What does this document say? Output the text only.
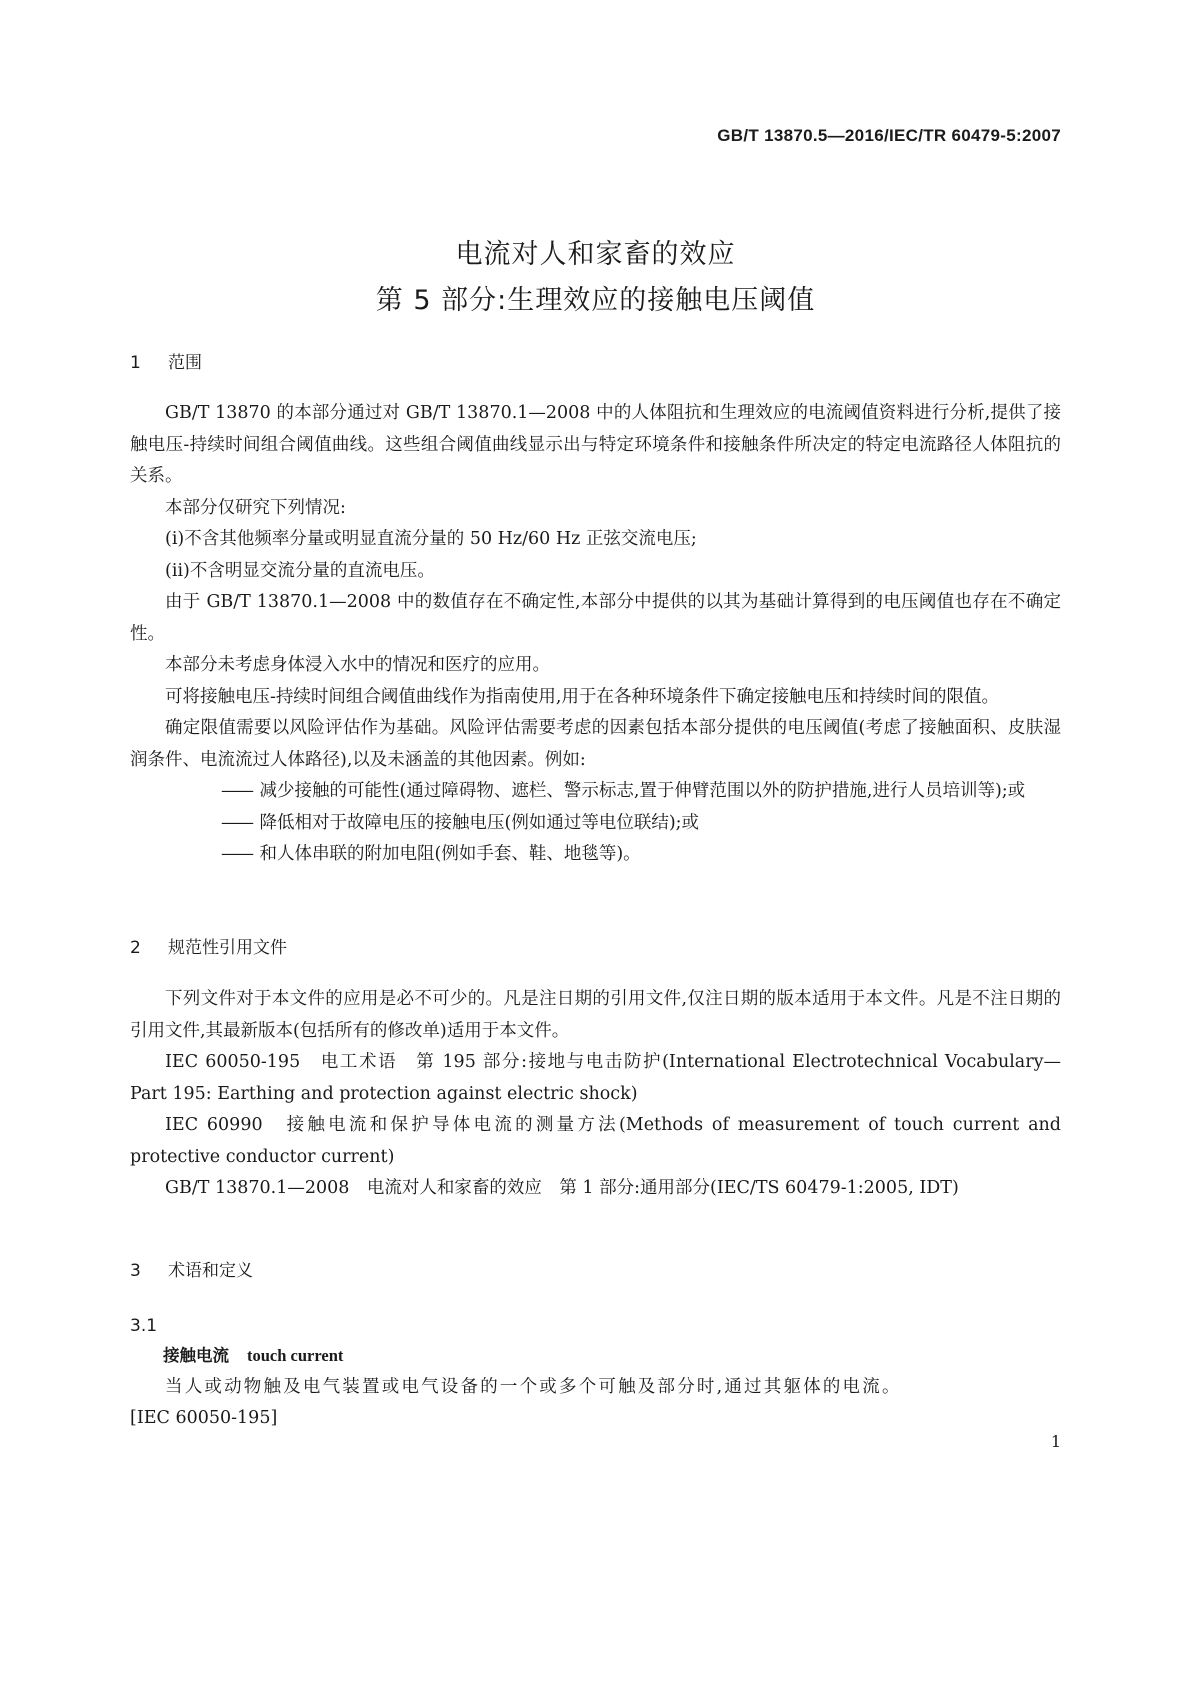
GB/T 13870.5—2016/IEC/TR 60479-5:2007
电流对人和家畜的效应
第 5 部分:生理效应的接触电压阈值
1 范围

GB/T 13870 的本部分通过对 GB/T 13870.1—2008 中的人体阻抗和生理效应的电流阈值资料进行分析,提供了接触电压-持续时间组合阈值曲线。这些组合阈值曲线显示出与特定环境条件和接触条件所决定的特定电流路径人体阻抗的关系。

本部分仅研究下列情况:

(ⅰ)不含其他频率分量或明显直流分量的 50 Hz/60 Hz 正弦交流电压;

(ⅱ)不含明显交流分量的直流电压。

由于 GB/T 13870.1—2008 中的数值存在不确定性,本部分中提供的以其为基础计算得到的电压阈值也存在不确定性。

本部分未考虑身体浸入水中的情况和医疗的应用。

可将接触电压-持续时间组合阈值曲线作为指南使用,用于在各种环境条件下确定接触电压和持续时间的限值。

确定限值需要以风险评估作为基础。风险评估需要考虑的因素包括本部分提供的电压阈值(考虑了接触面积、皮肤湿润条件、电流流过人体路径),以及未涵盖的其他因素。例如:

—— 减少接触的可能性(通过障碍物、遮栏、警示标志,置于伸臂范围以外的防护措施,进行人员培训等);或

—— 降低相对于故障电压的接触电压(例如通过等电位联结);或

—— 和人体串联的附加电阻(例如手套、鞋、地毯等)。

2 规范性引用文件

下列文件对于本文件的应用是必不可少的。凡是注日期的引用文件,仅注日期的版本适用于本文件。凡是不注日期的引用文件,其最新版本(包括所有的修改单)适用于本文件。

IEC 60050-195　电工术语　第 195 部分:接地与电击防护(International Electrotechnical Vocabulary—Part 195: Earthing and protection against electric shock)

IEC 60990　接触电流和保护导体电流的测量方法(Methods of measurement of touch current and protective conductor current)

GB/T 13870.1—2008　电流对人和家畜的效应　第 1 部分:通用部分(IEC/TS 60479-1:2005, IDT)

3 术语和定义
3.1

接触电流 touch current

当人或动物触及电气装置或电气设备的一个或多个可触及部分时,通过其躯体的电流。

[IEC 60050-195]

1
